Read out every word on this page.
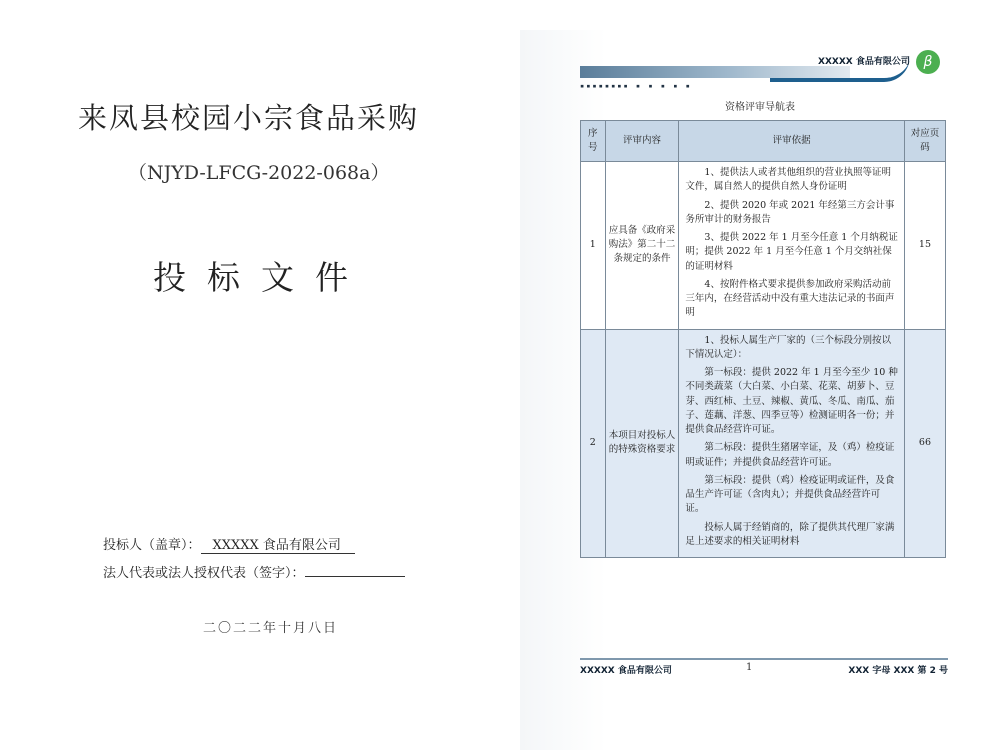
来凤县校园小宗食品采购
（NJYD-LFCG-2022-068a）
投标文件
投标人（盖章）： XXXXX 食品有限公司
法人代表或法人授权代表（签字）：
二〇二二年十月八日
▪▪▪▪▪▪▪▪ ▪ ▪ ▪ ▪ ▪
XXXXX 食品有限公司 β
资格评审导航表
序号	评审内容	评审依据	对应页码
1	应具备《政府采购法》第二十二条规定的条件	1、提供法人或者其他组织的营业执照等证明文件，属自然人的提供自然人身份证明

2、提供 2020 年或 2021 年经第三方会计事务所审计的财务报告

3、提供 2022 年 1 月至今任意 1 个月纳税证明；提供 2022 年 1 月至今任意 1 个月交纳社保的证明材料

4、按附件格式要求提供参加政府采购活动前三年内，在经营活动中没有重大违法记录的书面声明	15
2	本项目对投标人的特殊资格要求	1、投标人属生产厂家的（三个标段分别按以下情况认定）：

第一标段：提供 2022 年 1 月至今至少 10 种不同类蔬菜（大白菜、小白菜、花菜、胡萝卜、豆芽、西红柿、土豆、辣椒、黄瓜、冬瓜、南瓜、茄子、莲藕、洋葱、四季豆等）检测证明各一份；并提供食品经营许可证。

第二标段：提供生猪屠宰证，及（鸡）检疫证明或证件；并提供食品经营许可证。

第三标段：提供（鸡）检疫证明或证件，及食品生产许可证（含肉丸）；并提供食品经营许可证。

投标人属于经销商的，除了提供其代理厂家满足上述要求的相关证明材料	66
XXXXX 食品有限公司	1	XXX 字母 XXX 第 2 号
